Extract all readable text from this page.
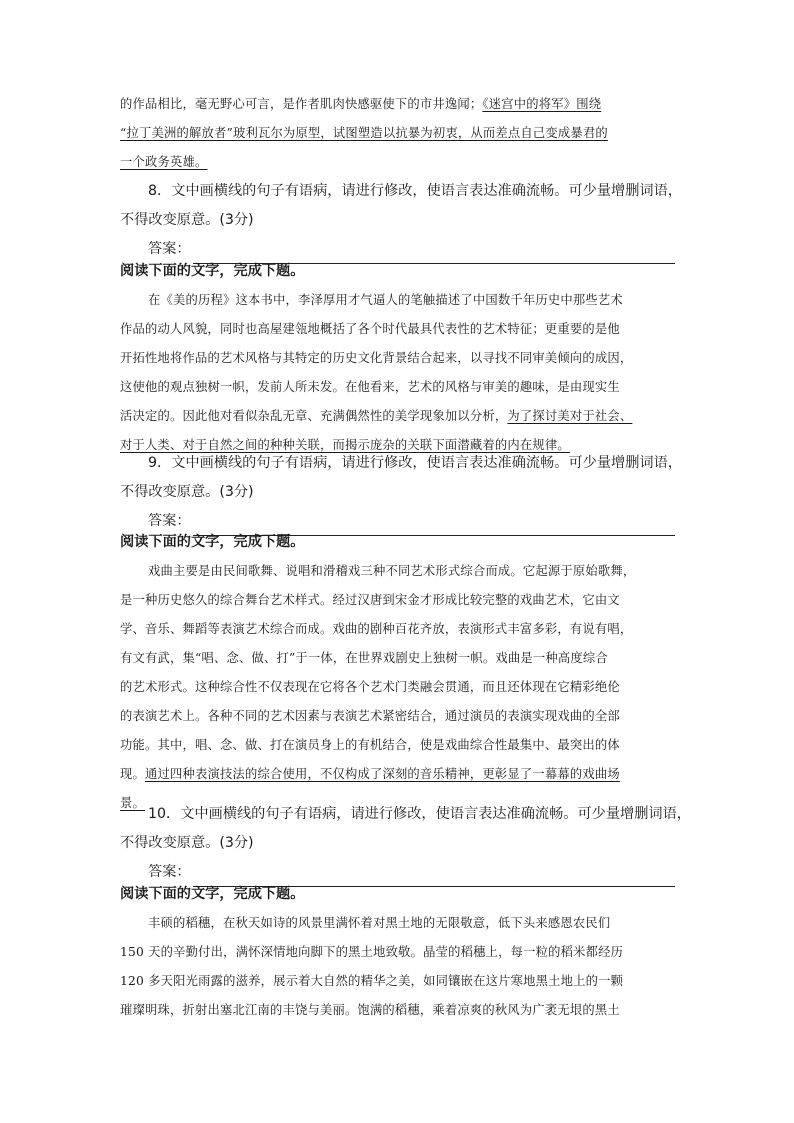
的作品相比，毫无野心可言，是作者肌肉快感驱使下的市井逸闻；《迷宫中的将军》围绕
“拉丁美洲的解放者”玻利瓦尔为原型，试图塑造以抗暴为初衷，从而差点自己变成暴君的
一个政务英雄。
8．文中画横线的句子有语病，请进行修改，使语言表达准确流畅。可少量增删词语，
不得改变原意。(3分)
答案：
阅读下面的文字，完成下题。
在《美的历程》这本书中，李泽厚用才气逼人的笔触描述了中国数千年历史中那些艺术
作品的动人风貌，同时也高屋建瓴地概括了各个时代最具代表性的艺术特征；更重要的是他
开拓性地将作品的艺术风格与其特定的历史文化背景结合起来，以寻找不同审美倾向的成因，
这使他的观点独树一帜，发前人所未发。在他看来，艺术的风格与审美的趣味，是由现实生
活决定的。因此他对看似杂乱无章、充满偶然性的美学现象加以分析，为了探讨美对于社会、
对于人类、对于自然之间的种种关联，而揭示庞杂的关联下面潜藏着的内在规律。
9．文中画横线的句子有语病，请进行修改，使语言表达准确流畅。可少量增删词语，
不得改变原意。(3分)
答案：
阅读下面的文字，完成下题。
戏曲主要是由民间歌舞、说唱和滑稽戏三种不同艺术形式综合而成。它起源于原始歌舞，
是一种历史悠久的综合舞台艺术样式。经过汉唐到宋金才形成比较完整的戏曲艺术，它由文
学、音乐、舞蹈等表演艺术综合而成。戏曲的剧种百花齐放，表演形式丰富多彩，有说有唱，
有文有武，集“唱、念、做、打”于一体，在世界戏剧史上独树一帜。戏曲是一种高度综合
的艺术形式。这种综合性不仅表现在它将各个艺术门类融会贯通，而且还体现在它精彩绝伦
的表演艺术上。各种不同的艺术因素与表演艺术紧密结合，通过演员的表演实现戏曲的全部
功能。其中，唱、念、做、打在演员身上的有机结合，使是戏曲综合性最集中、最突出的体
现。通过四种表演技法的综合使用，不仅构成了深刻的音乐精神，更彰显了一幕幕的戏曲场
景。
10．文中画横线的句子有语病，请进行修改，使语言表达准确流畅。可少量增删词语，
不得改变原意。(3分)
答案：
阅读下面的文字，完成下题。
丰硕的稻穗，在秋天如诗的风景里满怀着对黑土地的无限敬意，低下头来感恩农民们
150 天的辛勤付出，满怀深情地向脚下的黑土地致敬。晶莹的稻穗上，每一粒的稻米都经历
120 多天阳光雨露的滋养，展示着大自然的精华之美，如同镶嵌在这片寒地黑土地上的一颗
璀璨明珠，折射出塞北江南的丰饶与美丽。饱满的稻穗，乘着凉爽的秋风为广袤无垠的黑土
